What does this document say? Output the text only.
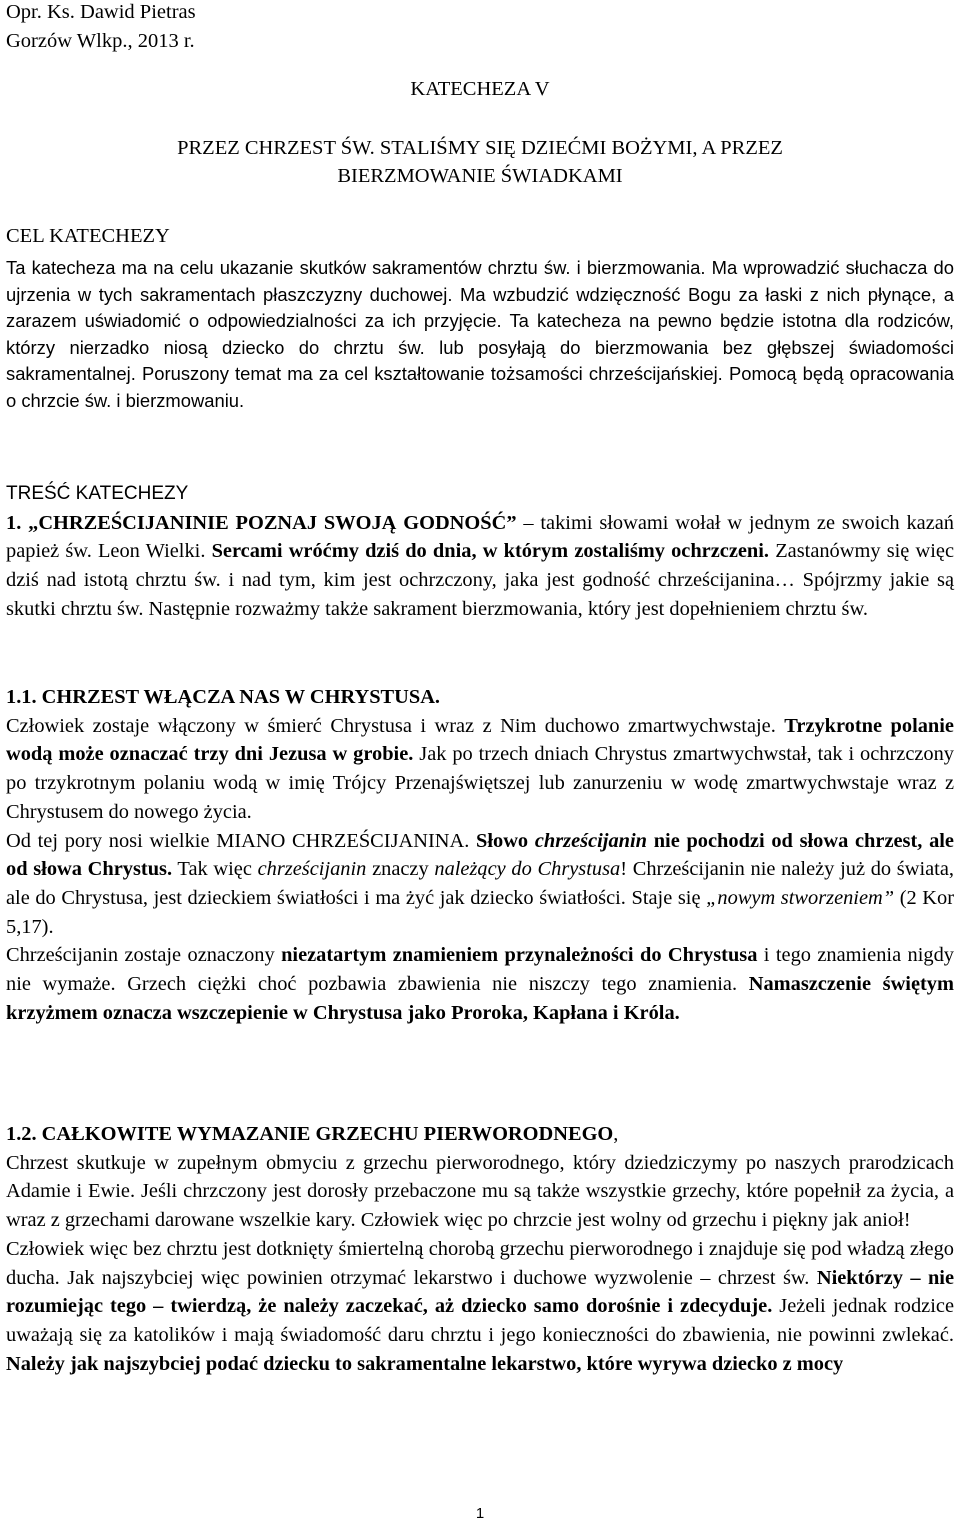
Opr. Ks. Dawid Pietras
Gorzów Wlkp., 2013 r.
KATECHEZA V
PRZEZ CHRZEST ŚW. STALIŚMY SIĘ DZIEĆMI BOŻYMI, A PRZEZ
BIERZMOWANIE ŚWIADKAMI
CEL KATECHEZY

Ta katecheza ma na celu ukazanie skutków sakramentów chrztu św. i bierzmowania. Ma wprowadzić słuchacza do ujrzenia w tych sakramentach płaszczyzny duchowej. Ma wzbudzić wdzięczność Bogu za łaski z nich płynące, a zarazem uświadomić o odpowiedzialności za ich przyjęcie. Ta katecheza na pewno będzie istotna dla rodziców, którzy nierzadko niosą dziecko do chrztu św. lub posyłają do bierzmowania bez głębszej świadomości sakramentalnej. Poruszony temat ma za cel kształtowanie tożsamości chrześcijańskiej. Pomocą będą opracowania o chrzcie św. i bierzmowaniu.

TREŚĆ KATECHEZY

1. „CHRZEŚCIJANINIE POZNAJ SWOJĄ GODNOŚĆ” – takimi słowami wołał w jednym ze swoich kazań papież św. Leon Wielki. Sercami wróćmy dziś do dnia, w którym zostaliśmy ochrzczeni. Zastanówmy się więc dziś nad istotą chrztu św. i nad tym, kim jest ochrzczony, jaka jest godność chrześcijanina… Spójrzmy jakie są skutki chrztu św. Następnie rozważmy także sakrament bierzmowania, który jest dopełnieniem chrztu św.

1.1. CHRZEST WŁĄCZA NAS W CHRYSTUSA.

Człowiek zostaje włączony w śmierć Chrystusa i wraz z Nim duchowo zmartwychwstaje. Trzykrotne polanie wodą może oznaczać trzy dni Jezusa w grobie. Jak po trzech dniach Chrystus zmartwychwstał, tak i ochrzczony po trzykrotnym polaniu wodą w imię Trójcy Przenajświętszej lub zanurzeniu w wodę zmartwychwstaje wraz z Chrystusem do nowego życia.

Od tej pory nosi wielkie MIANO CHRZEŚCIJANINA. Słowo chrześcijanin nie pochodzi od słowa chrzest, ale od słowa Chrystus. Tak więc chrześcijanin znaczy należący do Chrystusa! Chrześcijanin nie należy już do świata, ale do Chrystusa, jest dzieckiem światłości i ma żyć jak dziecko światłości. Staje się „nowym stworzeniem” (2 Kor 5,17).

Chrześcijanin zostaje oznaczony niezatartym znamieniem przynależności do Chrystusa i tego znamienia nigdy nie wymaże. Grzech ciężki choć pozbawia zbawienia nie niszczy tego znamienia. Namaszczenie świętym krzyżmem oznacza wszczepienie w Chrystusa jako Proroka, Kapłana i Króla.

1.2. CAŁKOWITE WYMAZANIE GRZECHU PIERWORODNEGO,

Chrzest skutkuje w zupełnym obmyciu z grzechu pierworodnego, który dziedziczymy po naszych prarodzicach Adamie i Ewie. Jeśli chrzczony jest dorosły przebaczone mu są także wszystkie grzechy, które popełnił za życia, a wraz z grzechami darowane wszelkie kary. Człowiek więc po chrzcie jest wolny od grzechu i piękny jak anioł!

Człowiek więc bez chrztu jest dotknięty śmiertelną chorobą grzechu pierworodnego i znajduje się pod władzą złego ducha. Jak najszybciej więc powinien otrzymać lekarstwo i duchowe wyzwolenie – chrzest św. Niektórzy – nie rozumiejąc tego – twierdzą, że należy zaczekać, aż dziecko samo dorośnie i zdecyduje. Jeżeli jednak rodzice uważają się za katolików i mają świadomość daru chrztu i jego konieczności do zbawienia, nie powinni zwlekać. Należy jak najszybciej podać dziecku to sakramentalne lekarstwo, które wyrywa dziecko z mocy

1
